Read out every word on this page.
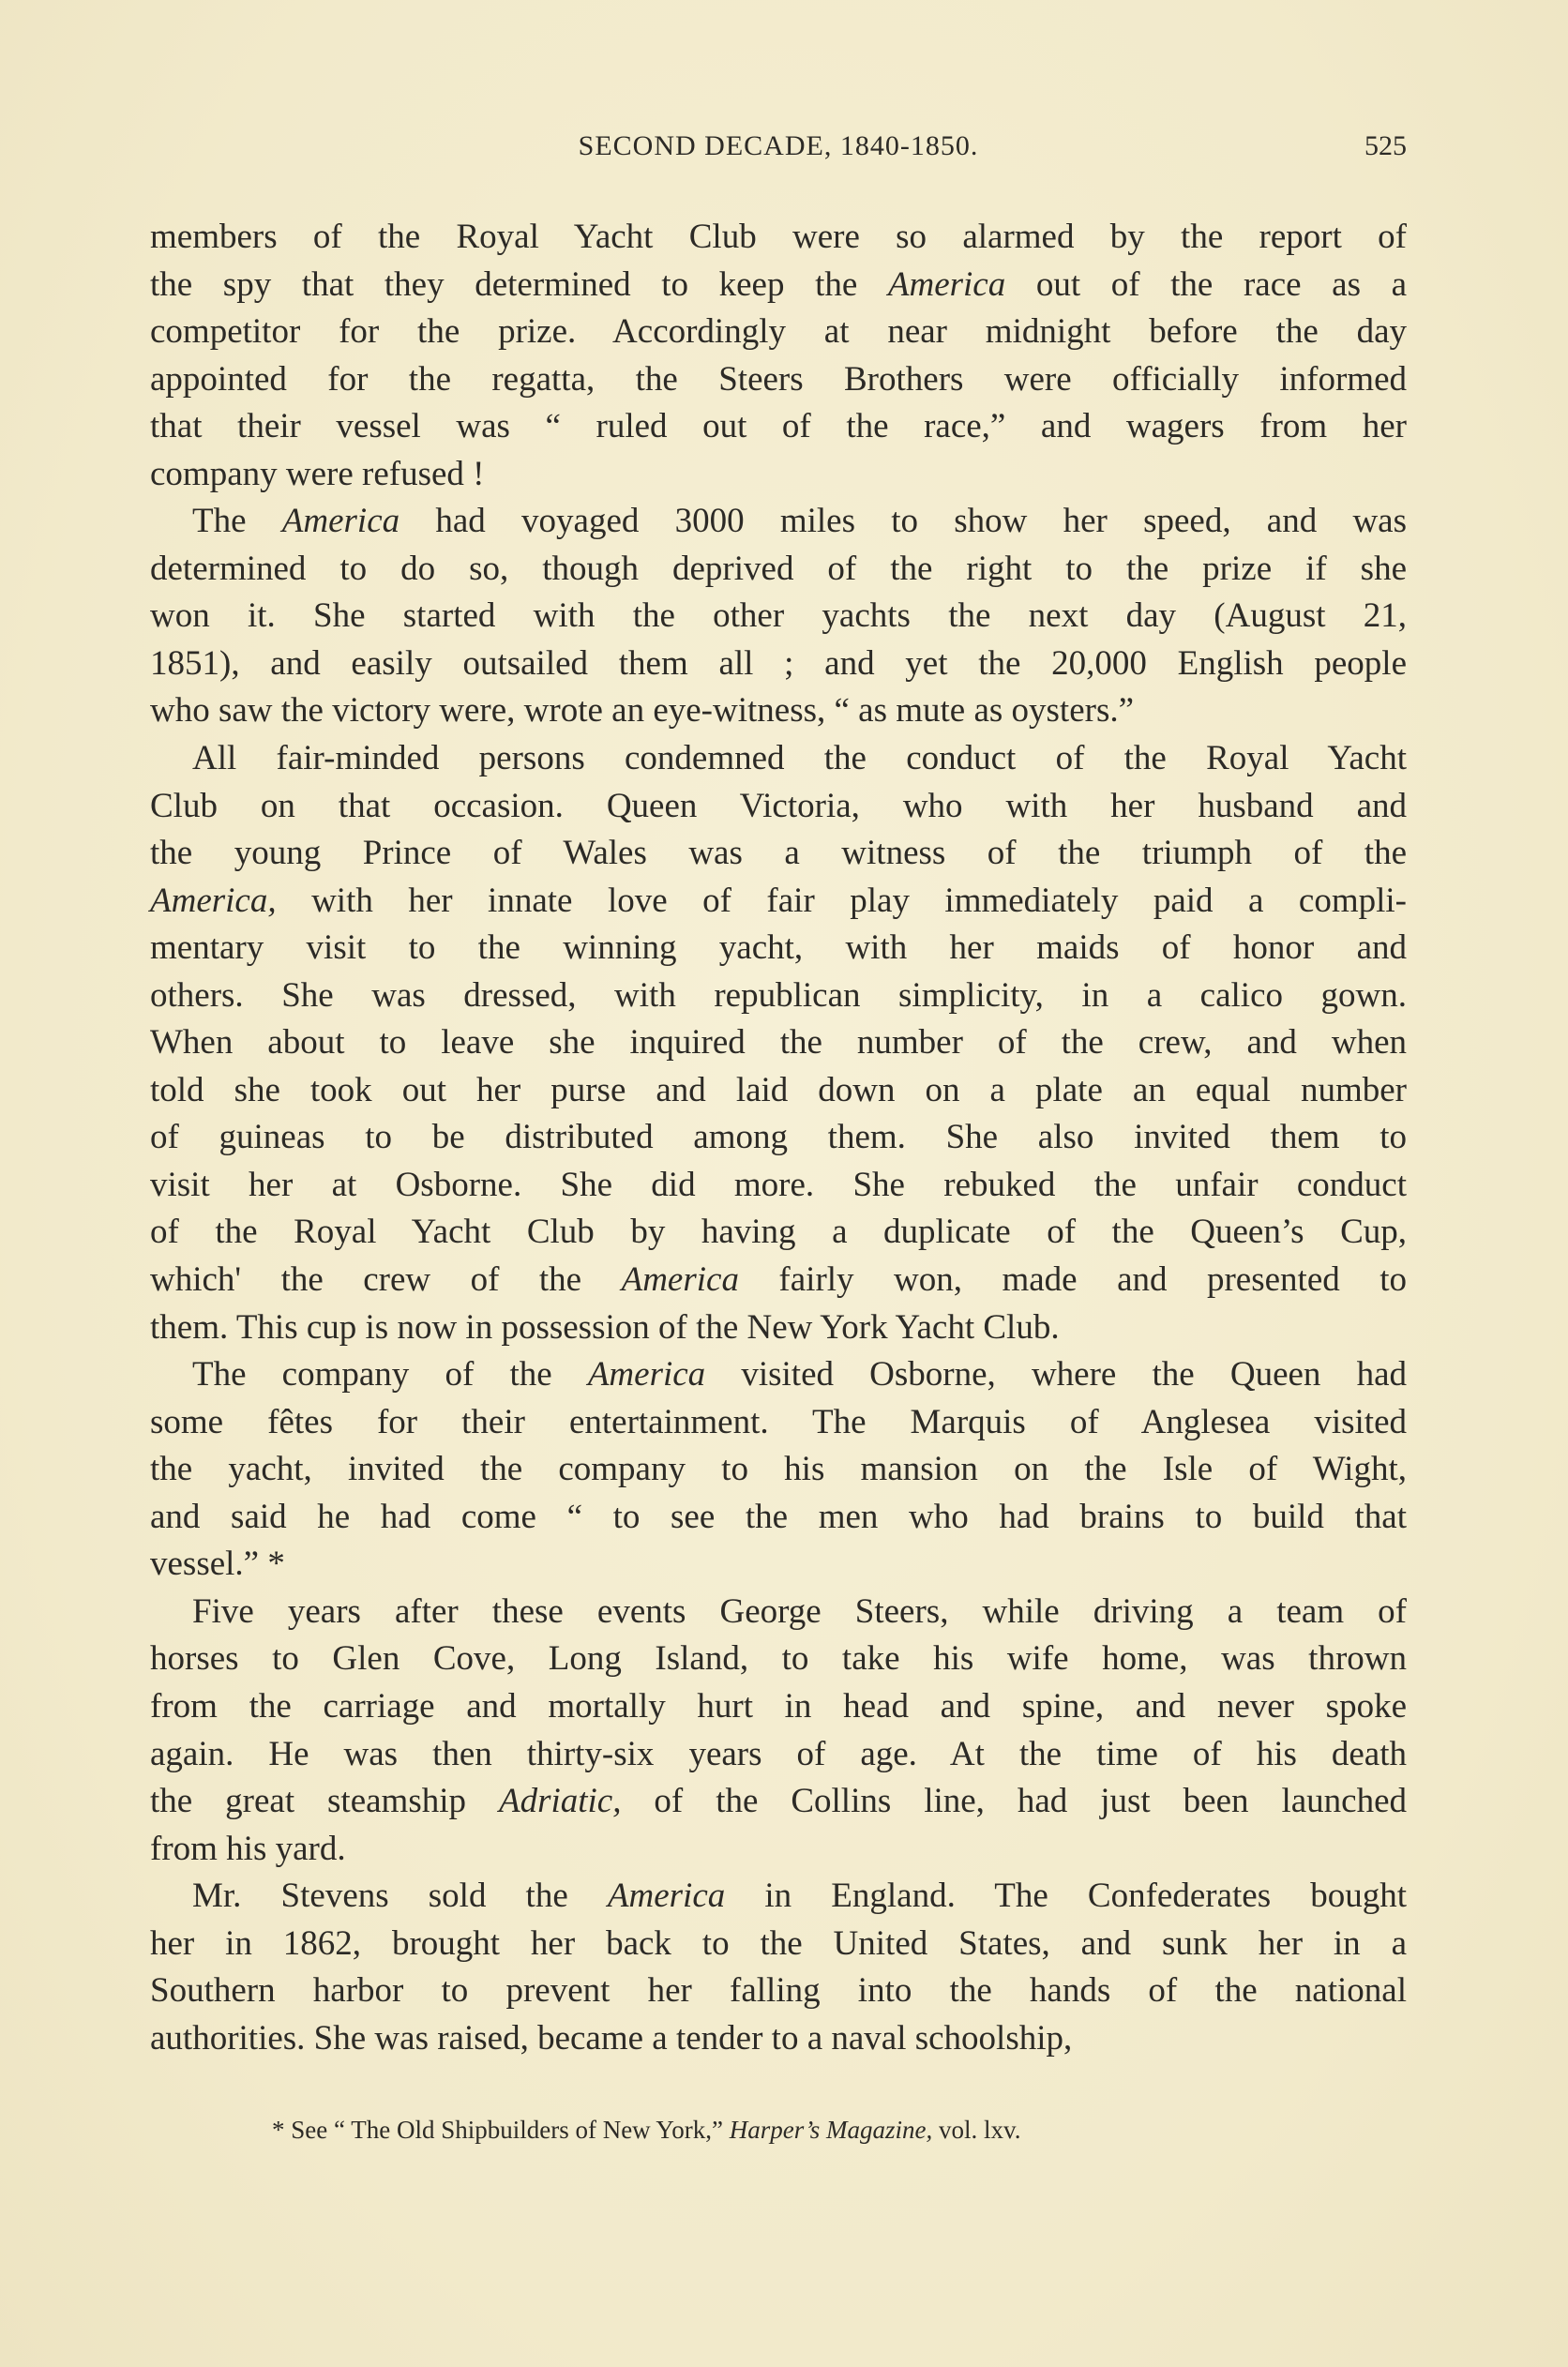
SECOND DECADE, 1840-1850.	525
members of the Royal Yacht Club were so alarmed by the report of
the spy that they determined to keep the America out of the race as a
competitor for the prize. Accordingly at near midnight before the day
appointed for the regatta, the Steers Brothers were officially informed
that their vessel was “ ruled out of the race,” and wagers from her
company were refused !
The America had voyaged 3000 miles to show her speed, and was
determined to do so, though deprived of the right to the prize if she
won it. She started with the other yachts the next day (August 21,
1851), and easily outsailed them all ; and yet the 20,000 English people
who saw the victory were, wrote an eye-witness, “ as mute as oysters.”
All fair-minded persons condemned the conduct of the Royal Yacht
Club on that occasion. Queen Victoria, who with her husband and
the young Prince of Wales was a witness of the triumph of the
America, with her innate love of fair play immediately paid a compli-
mentary visit to the winning yacht, with her maids of honor and
others. She was dressed, with republican simplicity, in a calico gown.
When about to leave she inquired the number of the crew, and when
told she took out her purse and laid down on a plate an equal number
of guineas to be distributed among them. She also invited them to
visit her at Osborne. She did more. She rebuked the unfair conduct
of the Royal Yacht Club by having a duplicate of the Queen’s Cup,
which' the crew of the America fairly won, made and presented to
them. This cup is now in possession of the New York Yacht Club.
The company of the America visited Osborne, where the Queen had
some fêtes for their entertainment. The Marquis of Anglesea visited
the yacht, invited the company to his mansion on the Isle of Wight,
and said he had come “ to see the men who had brains to build that
vessel.” *
Five years after these events George Steers, while driving a team of
horses to Glen Cove, Long Island, to take his wife home, was thrown
from the carriage and mortally hurt in head and spine, and never spoke
again. He was then thirty-six years of age. At the time of his death
the great steamship Adriatic, of the Collins line, had just been launched
from his yard.
Mr. Stevens sold the America in England. The Confederates bought
her in 1862, brought her back to the United States, and sunk her in a
Southern harbor to prevent her falling into the hands of the national
authorities. She was raised, became a tender to a naval schoolship,
* See “ The Old Shipbuilders of New York,” Harper’s Magazine, vol. lxv.
